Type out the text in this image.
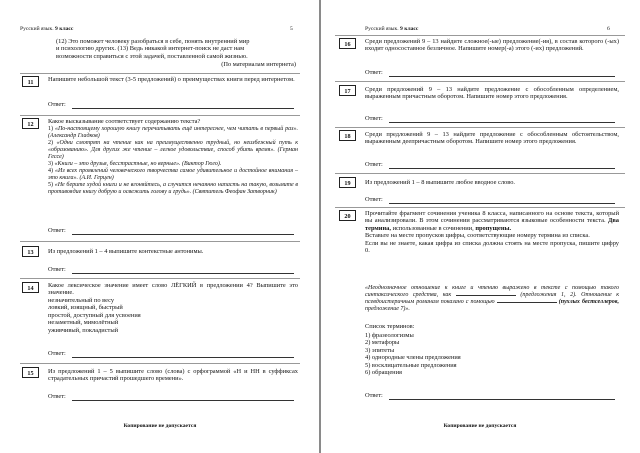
Русский язык. 9 класс	5
(12) Это поможет человеку разобраться в себе, понять внутренний мир
и психологию других. (13) Ведь никакой интернет-поиск не даст нам
возможности справиться с этой задачей, поставленной самой жизнью.
(По материалам интернета)
11	Напишите небольшой текст (3-5 предложений) о преимуществах книги перед интернетом.
Ответ:
12	Какое высказывание соответствует содержанию текста?
1) «По-настоящему хорошую книгу перечитывать ещё интереснее, чем читать в первый раз». (Александр Гладков)
2) «Одни смотрят на чтение как на преимущественно трудный, но неизбежный путь к «образованию». Для других же чтение – легкое удовольствие, способ убить время». (Герман Гессе)
3) «Книги – это друзья, бесстрастные, но верные». (Виктор Гюго).
4) «Из всех проявлений человеческого творчества самое удивительное и достойное внимания – это книга». (А.И. Герцен)
5) «Не берите худой книги и не вгоняйтесь, а случится нечаянно напасть на такую, возьмите в противоядие книгу добрую и освежить голову и грудь». (Святитель Феофан Затворник)
Ответ:
13	Из предложений 1 – 4 выпишите контекстные антонимы.
Ответ:
14	Какое лексическое значение имеет слово ЛЁГКИЙ в предложении 4? Выпишите это значение.
незначительный по весу
ловкий, изящный, быстрый
простой, доступный для усвоения
незаметный, мимолётный
уживчивый, покладистый
Ответ:
15	Из предложений 1 – 5 выпишите слово (слова) с орфограммой «Н и НН в суффиксах страдательных причастий прошедшего времени».
Ответ:
Копирование не допускается
Русский язык. 9 класс	6
16	Среди предложений 9 – 13 найдите сложное(-ые) предложение(-ия), в состав которого (-ых) входит односоставное безличное. Напишите номер(-а) этого (-их) предложений.
Ответ:
17	Среди предложений 9 – 13 найдите предложение с обособленным определением, выраженным причастным оборотом. Напишите номер этого предложения.
Ответ:
18	Среди предложений 9 – 13 найдите предложение с обособленным обстоятельством, выраженным деепричастным оборотом. Напишите номер этого предложения.
Ответ:
19	Из предложений 1 – 8 выпишите любое вводное слово.
Ответ:
20	Прочитайте фрагмент сочинения ученика 8 класса, написанного на основе текста, который вы анализировали. В этом сочинении рассматриваются языковые особенности текста. Два термина, использованные в сочинении, пропущены.
Вставьте на месте пропусков цифры, соответствующие номеру термина из списка.
Если вы не знаете, какая цифра из списка должна стоять на месте пропуска, пишите цифру 0.
«Неоднозначное отношение к книге и чтению выражено в тексте с помощью такого синтаксического средства, как	(предложения 1, 2). Отношение к псевдоистеричным романам показано с помощью	(пухлых бестселлеров, предложение 7)».
Список терминов:
1) фразеологизмы
2) метафоры
3) эпитеты
4) однородные члены предложения
5) восклицательные предложения
6) обращения
Ответ:
Копирование не допускается
